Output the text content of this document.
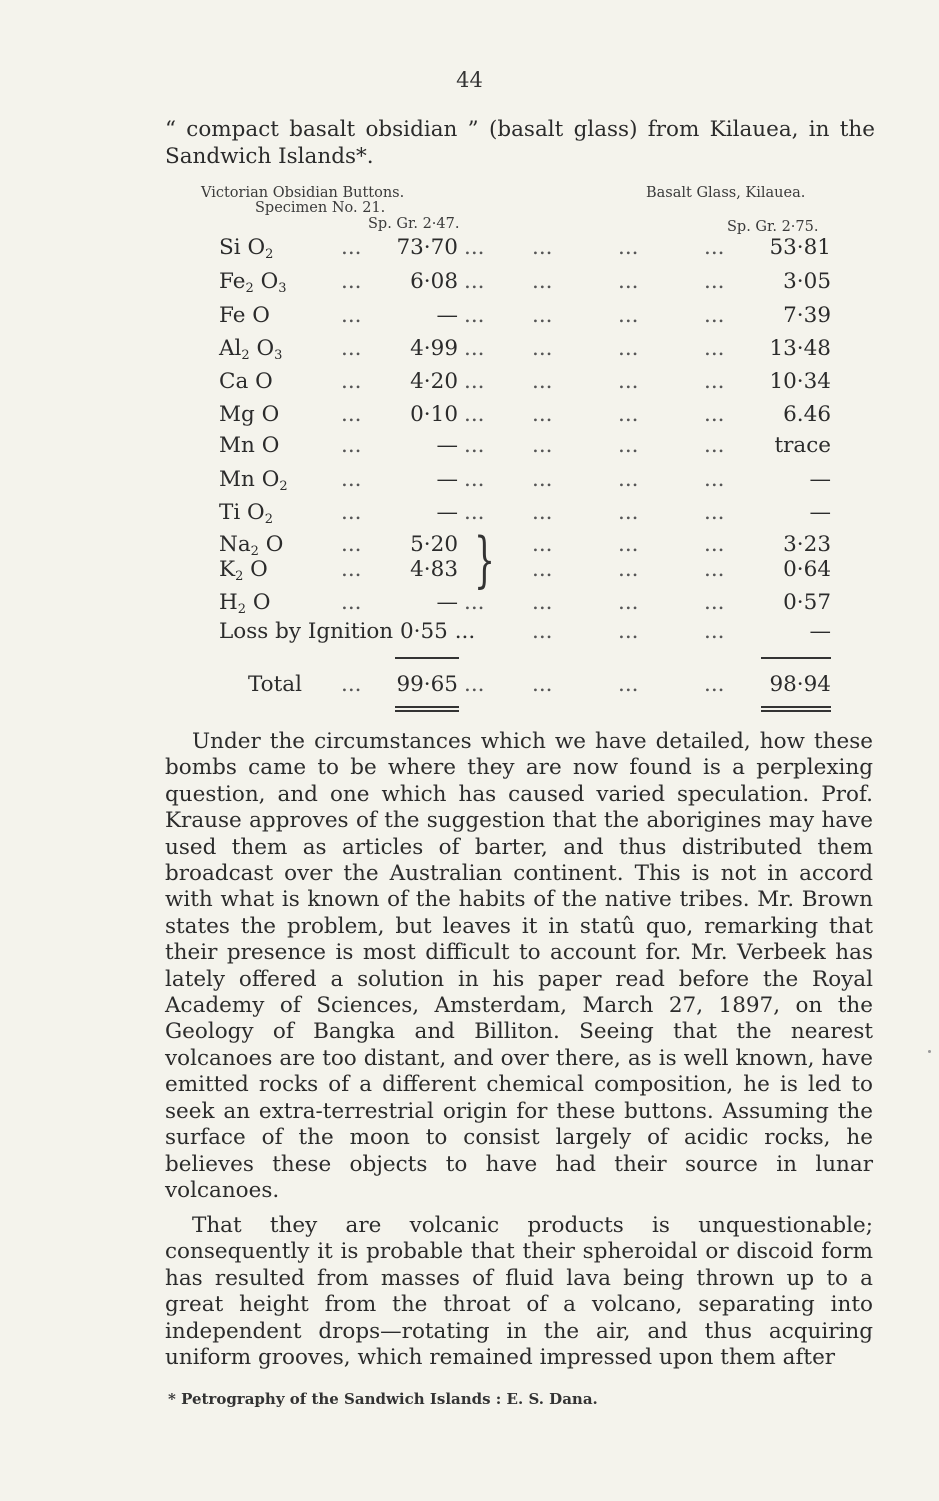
44
“ compact basalt obsidian ” (basalt glass) from Kilauea, in the Sandwich Islands*.
Victorian Obsidian Buttons.
Specimen No. 21.
Sp. Gr. 2·47.
Basalt Glass, Kilauea.
Sp. Gr. 2·75.
Si $O_2$	...	73·70 ... ...	...	...	53·81
$Fe_2$ $O_3$	...	6·08 ... ...	...	...	3·05
Fe O	...	— ... ...	...	...	7·39
$Al_2$ $O_3$	...	4·99 ... ...	...	...	13·48
Ca O	...	4·20 ... ...	...	...	10·34
Mg O	...	0·10 ... ...	...	...	6.46
Mn O	...	— ... ...	...	...	trace
Mn $O_2$ ...	— ... ...	...	...	—
Ti $O_2$	...	— ... ...	...	...	—
$Na_2$ O	...	5·20	...	...	...	3·23
$K_2$ O	...	4·83	...	...	...	0·64
$H_2$ O	...	— ... ...	...	...	0·57
}
Loss by Ignition 0·55 ...	...	...	...	—
Total ...	99·65 ... ...	...	...	98·94

Under the circumstances which we have detailed, how these bombs came to be where they are now found is a perplexing question, and one which has caused varied speculation. Prof. Krause approves of the suggestion that the aborigines may have used them as articles of barter, and thus distributed them broadcast over the Australian continent. This is not in accord with what is known of the habits of the native tribes. Mr. Brown states the problem, but leaves it in statû quo, remarking that their presence is most difficult to account for. Mr. Verbeek has lately offered a solution in his paper read before the Royal Academy of Sciences, Amsterdam, March 27, 1897, on the Geology of Bangka and Billiton. Seeing that the nearest volcanoes are too distant, and over there, as is well known, have emitted rocks of a different chemical composition, he is led to seek an extra-terrestrial origin for these buttons. Assuming the surface of the moon to consist largely of acidic rocks, he believes these objects to have had their source in lunar volcanoes.

That they are volcanic products is unquestionable; consequently it is probable that their spheroidal or discoid form has resulted from masses of fluid lava being thrown up to a great height from the throat of a volcano, separating into independent drops—rotating in the air, and thus acquiring uniform grooves, which remained impressed upon them after

* Petrography of the Sandwich Islands : E. S. Dana.
